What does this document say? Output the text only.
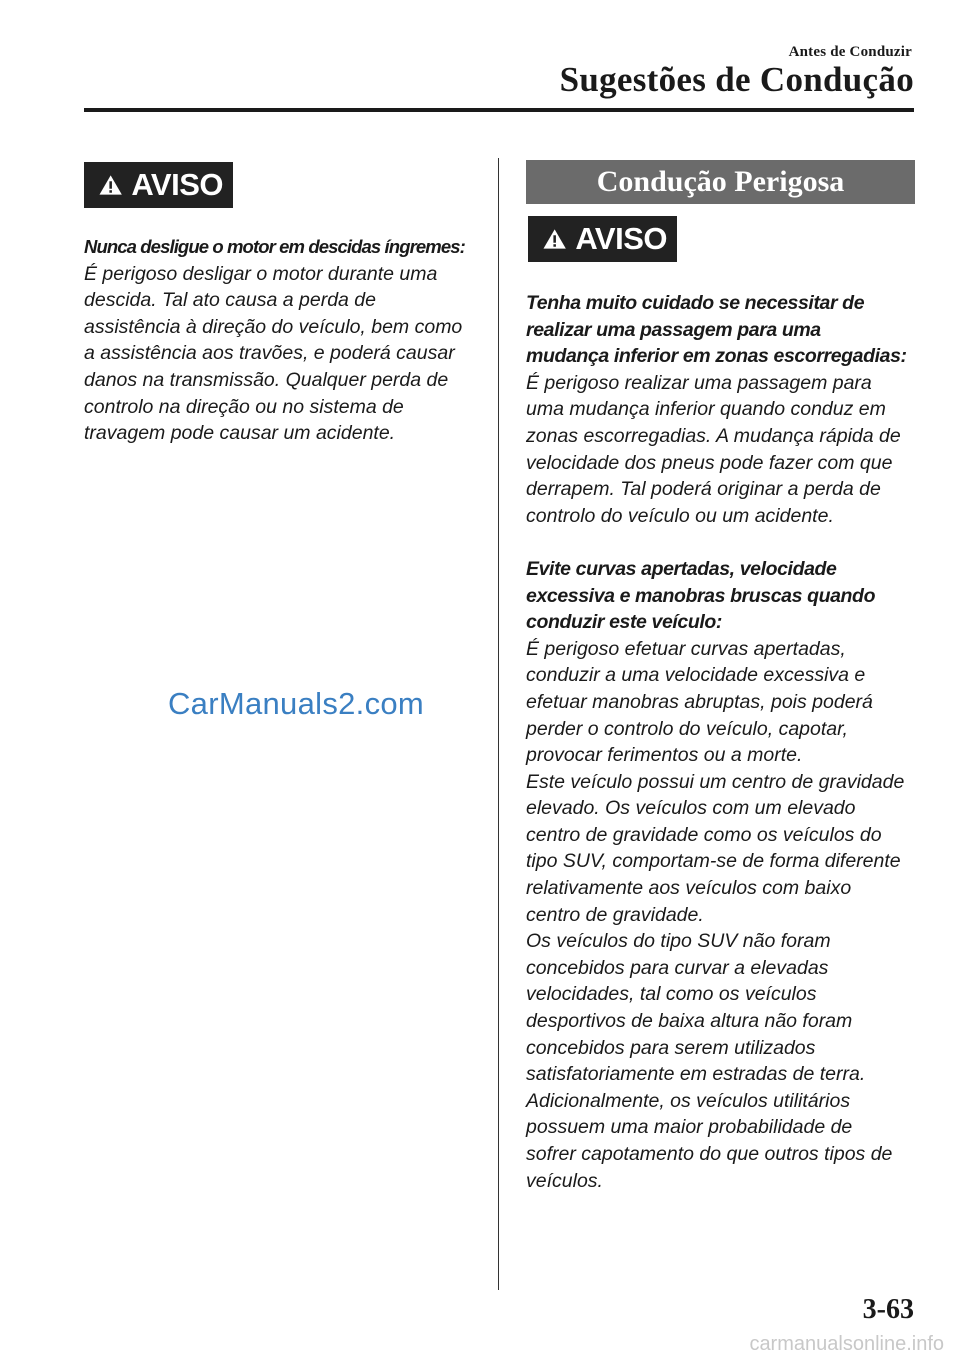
Antes de Conduzir
Sugestões de Condução
AVISO

Nunca desligue o motor em descidas íngremes:

É perigoso desligar o motor durante uma

descida. Tal ato causa a perda de

assistência à direção do veículo, bem como

a assistência aos travões, e poderá causar

danos na transmissão. Qualquer perda de

controlo na direção ou no sistema de

travagem pode causar um acidente.

CarManuals2.com
Condução Perigosa
AVISO

Tenha muito cuidado se necessitar de

realizar uma passagem para uma

mudança inferior em zonas escorregadias:

É perigoso realizar uma passagem para

uma mudança inferior quando conduz em

zonas escorregadias. A mudança rápida de

velocidade dos pneus pode fazer com que

derrapem. Tal poderá originar a perda de

controlo do veículo ou um acidente.

Evite curvas apertadas, velocidade

excessiva e manobras bruscas quando

conduzir este veículo:

É perigoso efetuar curvas apertadas,

conduzir a uma velocidade excessiva e

efetuar manobras abruptas, pois poderá

perder o controlo do veículo, capotar,

provocar ferimentos ou a morte.

Este veículo possui um centro de gravidade

elevado. Os veículos com um elevado

centro de gravidade como os veículos do

tipo SUV, comportam-se de forma diferente

relativamente aos veículos com baixo

centro de gravidade.

Os veículos do tipo SUV não foram

concebidos para curvar a elevadas

velocidades, tal como os veículos

desportivos de baixa altura não foram

concebidos para serem utilizados

satisfatoriamente em estradas de terra.

Adicionalmente, os veículos utilitários

possuem uma maior probabilidade de

sofrer capotamento do que outros tipos de

veículos.

3-63
carmanualsonline.info
